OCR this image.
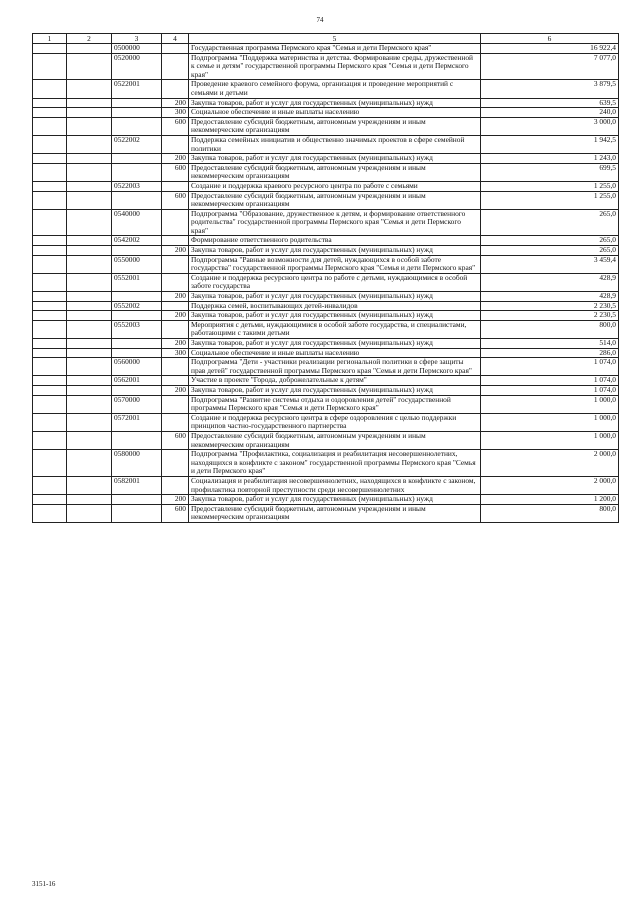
74
1	2	3	4	5	6
		0500000		Государственная программа Пермского края "Семья и дети Пермского края"	16 922,4
		0520000		Подпрограмма "Поддержка материнства и детства. Формирование среды, дружественной к семье и детям" государственной программы Пермского края "Семья и дети Пермского края"	7 077,0
		0522001		Проведение краевого семейного форума, организация и проведение мероприятий с семьями и детьми	3 879,5
			200	Закупка товаров, работ и услуг для государственных (муниципальных) нужд	639,5
			300	Социальное обеспечение и иные выплаты населению	240,0
			600	Предоставление субсидий бюджетным, автономным учреждениям и иным некоммерческим организациям	3 000,0
		0522002		Поддержка семейных инициатив и общественно значимых проектов в сфере семейной политики	1 942,5
			200	Закупка товаров, работ и услуг для государственных (муниципальных) нужд	1 243,0
			600	Предоставление субсидий бюджетным, автономным учреждениям и иным некоммерческим организациям	699,5
		0522003		Создание и поддержка краевого ресурсного центра по работе с семьями	1 255,0
			600	Предоставление субсидий бюджетным, автономным учреждениям и иным некоммерческим организациям	1 255,0
		0540000		Подпрограмма "Образование, дружественное к детям, и формирование ответственного родительства" государственной программы Пермского края "Семья и дети Пермского края"	265,0
		0542002		Формирование ответственного родительства	265,0
			200	Закупка товаров, работ и услуг для государственных (муниципальных) нужд	265,0
		0550000		Подпрограмма "Равные возможности для детей, нуждающихся в особой заботе государства" государственной программы Пермского края "Семья и дети Пермского края"	3 459,4
		0552001		Создание и поддержка ресурсного центра по работе с детьми, нуждающимися в особой заботе государства	428,9
			200	Закупка товаров, работ и услуг для государственных (муниципальных) нужд	428,9
		0552002		Поддержка семей, воспитывающих детей-инвалидов	2 230,5
			200	Закупка товаров, работ и услуг для государственных (муниципальных) нужд	2 230,5
		0552003		Мероприятия с детьми, нуждающимися в особой заботе государства, и специалистами, работающими с такими детьми	800,0
			200	Закупка товаров, работ и услуг для государственных (муниципальных) нужд	514,0
			300	Социальное обеспечение и иные выплаты населению	286,0
		0560000		Подпрограмма "Дети - участники реализации региональной политики в сфере защиты прав детей" государственной программы Пермского края "Семья и дети Пермского края"	1 074,0
		0562001		Участие в проекте "Города, доброжелательные к детям"	1 074,0
			200	Закупка товаров, работ и услуг для государственных (муниципальных) нужд	1 074,0
		0570000		Подпрограмма "Развитие системы отдыха и оздоровления детей" государственной программы Пермского края "Семья и дети Пермского края"	1 000,0
		0572001		Создание и поддержка ресурсного центра в сфере оздоровления с целью поддержки принципов частно-государственного партнерства	1 000,0
			600	Предоставление субсидий бюджетным, автономным учреждениям и иным некоммерческим организациям	1 000,0
		0580000		Подпрограмма "Профилактика, социализация и реабилитация несовершеннолетних, находящихся в конфликте с законом" государственной программы Пермского края "Семья и дети Пермского края"	2 000,0
		0582001		Социализация и реабилитация несовершеннолетних, находящихся в конфликте с законом, профилактика повторной преступности среди несовершеннолетних	2 000,0
			200	Закупка товаров, работ и услуг для государственных (муниципальных) нужд	1 200,0
			600	Предоставление субсидий бюджетным, автономным учреждениям и иным некоммерческим организациям	800,0
3151-16
